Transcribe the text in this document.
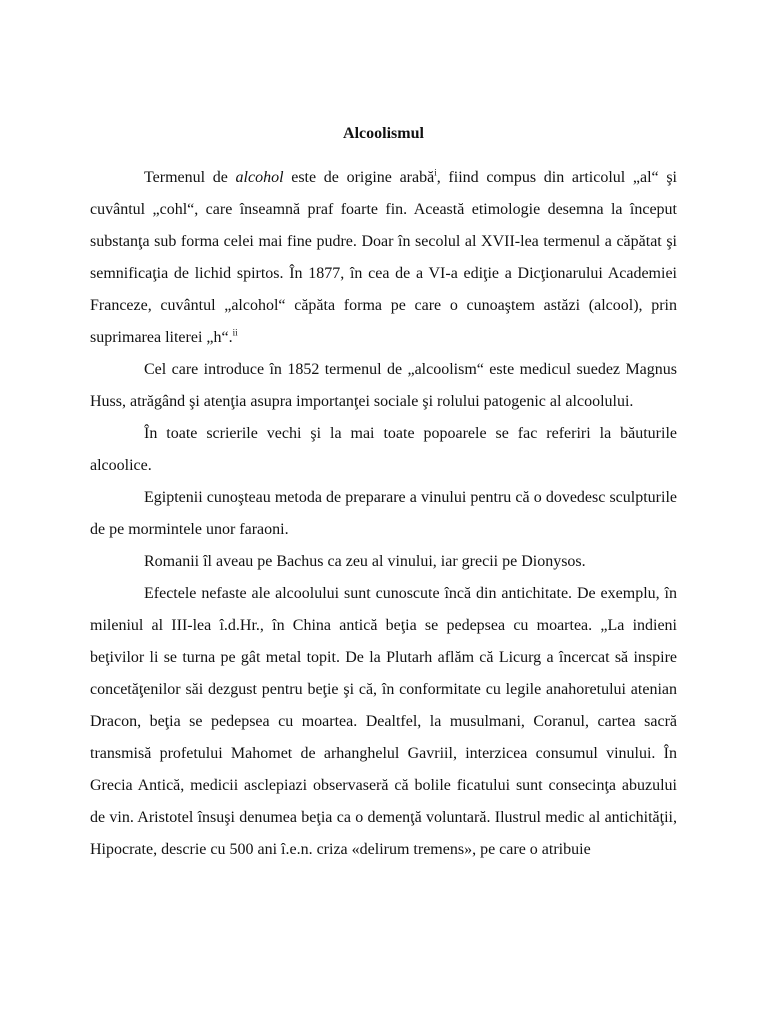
Alcoolismul

Termenul de alcohol este de origine arabă$^i$, fiind compus din articolul „al“ şi cuvântul „cohl“, care înseamnă praf foarte fin. Această etimologie desemna la început substanţa sub forma celei mai fine pudre. Doar în secolul al XVII-lea termenul a căpătat şi semnificaţia de lichid spirtos. În 1877, în cea de a VI-a ediţie a Dicţionarului Academiei Franceze, cuvântul „alcohol“ căpăta forma pe care o cunoaştem astăzi (alcool), prin suprimarea literei „h“.$^{ii}$

Cel care introduce în 1852 termenul de „alcoolism“ este medicul suedez Magnus Huss, atrăgând şi atenţia asupra importanţei sociale şi rolului patogenic al alcoolului.

În toate scrierile vechi şi la mai toate popoarele se fac referiri la băuturile alcoolice.

Egiptenii cunoşteau metoda de preparare a vinului pentru că o dovedesc sculpturile de pe mormintele unor faraoni.

Romanii îl aveau pe Bachus ca zeu al vinului, iar grecii pe Dionysos.

Efectele nefaste ale alcoolului sunt cunoscute încă din antichitate. De exemplu, în mileniul al III-lea î.d.Hr., în China antică beţia se pedepsea cu moartea. „La indieni beţivilor li se turna pe gât metal topit. De la Plutarh aflăm că Licurg a încercat să inspire concetăţenilor săi dezgust pentru beţie şi că, în conformitate cu legile anahoretului atenian Dracon, beţia se pedepsea cu moartea. Dealtfel, la musulmani, Coranul, cartea sacră transmisă profetului Mahomet de arhanghelul Gavriil, interzicea consumul vinului. În Grecia Antică, medicii asclepiazi observaseră că bolile ficatului sunt consecinţa abuzului de vin. Aristotel însuşi denumea beţia ca o demenţă voluntară. Ilustrul medic al antichităţii, Hipocrate, descrie cu 500 ani î.e.n. criza «delirum tremens», pe care o atribuie
